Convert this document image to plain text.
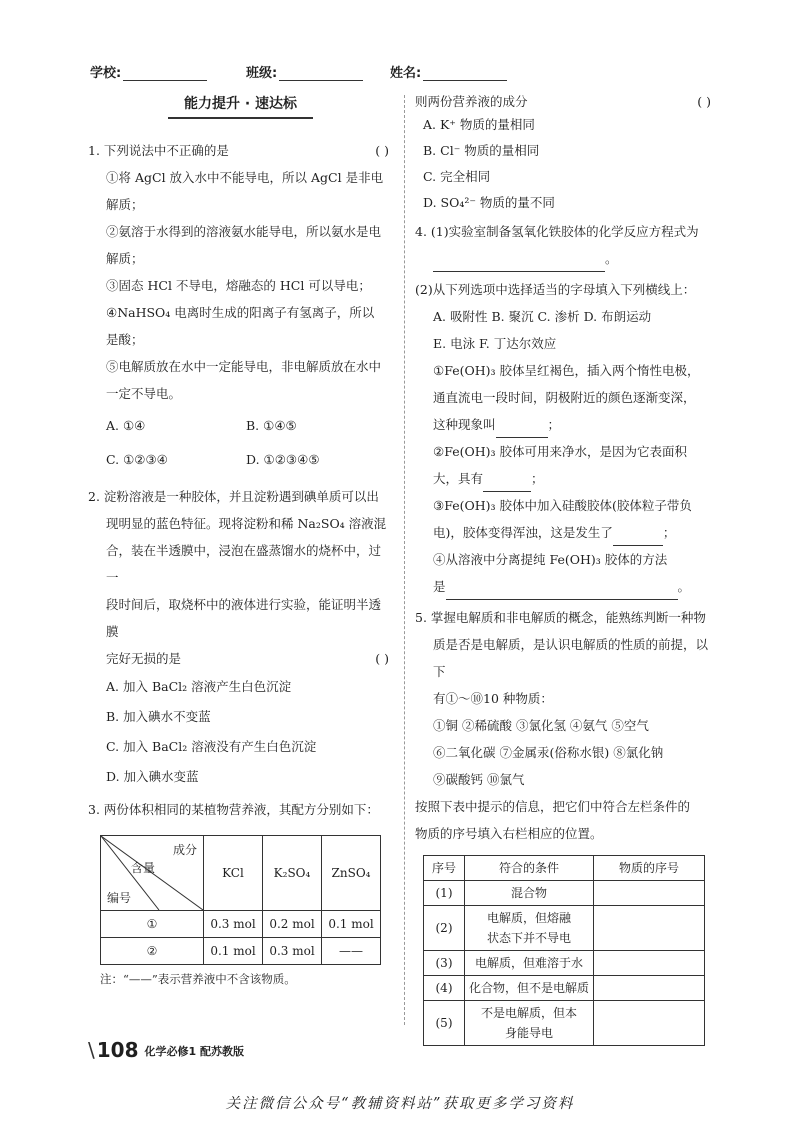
学校:	班级:	姓名:
能力提升 · 速达标

1. 下列说法中不正确的是	( )

①将 AgCl 放入水中不能导电，所以 AgCl 是非电

解质；

②氨溶于水得到的溶液氨水能导电，所以氨水是电

解质；

③固态 HCl 不导电，熔融态的 HCl 可以导电；

④NaHSO₄ 电离时生成的阳离子有氢离子，所以

是酸；

⑤电解质放在水中一定能导电，非电解质放在水中

一定不导电。

A. ①④	B. ①④⑤
C. ①②③④	D. ①②③④⑤

2. 淀粉溶液是一种胶体，并且淀粉遇到碘单质可以出

现明显的蓝色特征。现将淀粉和稀 Na₂SO₄ 溶液混

合，装在半透膜中，浸泡在盛蒸馏水的烧杯中，过一

段时间后，取烧杯中的液体进行实验，能证明半透膜

完好无损的是	( )

A. 加入 BaCl₂ 溶液产生白色沉淀
B. 加入碘水不变蓝
C. 加入 BaCl₂ 溶液没有产生白色沉淀
D. 加入碘水变蓝

3. 两份体积相同的某植物营养液，其配方分别如下：

成分
含量
编号	KCl	K₂SO₄	ZnSO₄

①	0.3 mol	0.2 mol	0.1 mol
②	0.1 mol	0.3 mol	——
注：“——”表示营养液中不含该物质。

则两份营养液的成分	( )

A. K⁺ 物质的量相同
B. Cl⁻ 物质的量相同
C. 完全相同
D. SO₄²⁻ 物质的量不同

4. (1)实验室制备氢氧化铁胶体的化学反应方程式为

。

(2)从下列选项中选择适当的字母填入下列横线上：

A. 吸附性 B. 聚沉 C. 渗析 D. 布朗运动

E. 电泳 F. 丁达尔效应

①Fe(OH)₃ 胶体呈红褐色，插入两个惰性电极，

通直流电一段时间，阴极附近的颜色逐渐变深，

这种现象叫	；

②Fe(OH)₃ 胶体可用来净水，是因为它表面积

大，具有	；

③Fe(OH)₃ 胶体中加入硅酸胶体(胶体粒子带负

电)，胶体变得浑浊，这是发生了	；

④从溶液中分离提纯 Fe(OH)₃ 胶体的方法

是	。

5. 掌握电解质和非电解质的概念，能熟练判断一种物

质是否是电解质，是认识电解质的性质的前提，以下

有①～⑩10 种物质：

①铜 ②稀硫酸 ③氯化氢 ④氨气 ⑤空气

⑥二氧化碳 ⑦金属汞(俗称水银) ⑧氯化钠

⑨碳酸钙 ⑩氯气

按照下表中提示的信息，把它们中符合左栏条件的

物质的序号填入右栏相应的位置。

序号	符合的条件	物质的序号
(1)	混合物	
(2)	电解质，但熔融
状态下并不导电	

(3)	电解质，但难溶于水	
(4)	化合物，但不是电解质	
(5)	不是电解质，但本
身能导电	

\ 108 化学必修1 配苏教版
关注微信公众号“教辅资料站”获取更多学习资料
